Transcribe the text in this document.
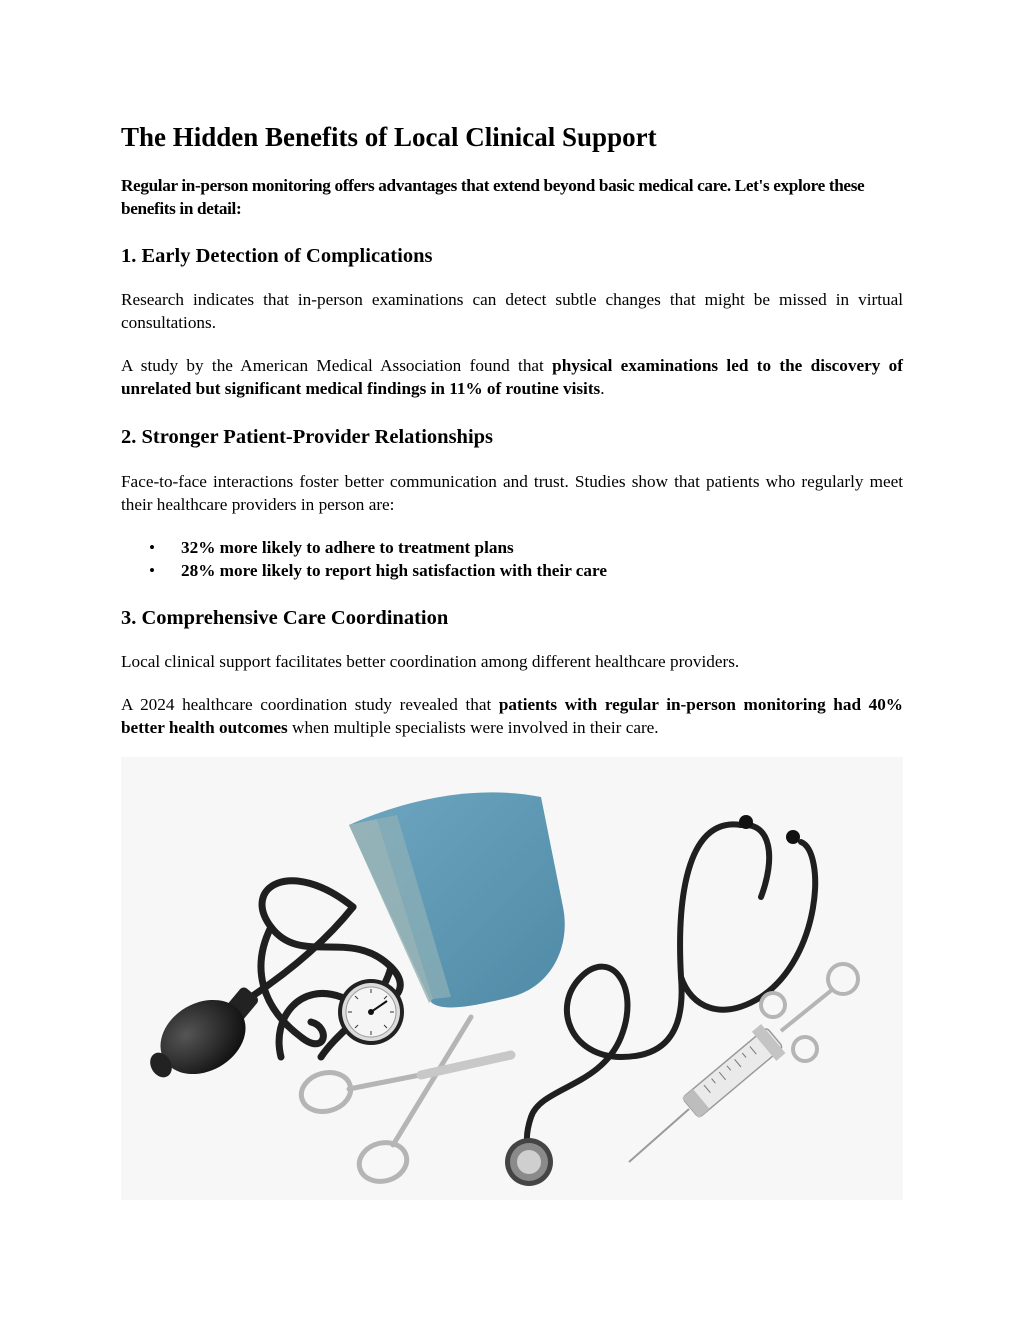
The Hidden Benefits of Local Clinical Support

Regular in-person monitoring offers advantages that extend beyond basic medical care. Let's explore these benefits in detail:

1. Early Detection of Complications

Research indicates that in-person examinations can detect subtle changes that might be missed in virtual consultations.

A study by the American Medical Association found that physical examinations led to the discovery of unrelated but significant medical findings in 11% of routine visits.

2. Stronger Patient-Provider Relationships

Face-to-face interactions foster better communication and trust. Studies show that patients who regularly meet their healthcare providers in person are:

• 32% more likely to adhere to treatment plans
• 28% more likely to report high satisfaction with their care
3. Comprehensive Care Coordination

Local clinical support facilitates better coordination among different healthcare providers.

A 2024 healthcare coordination study revealed that patients with regular in-person monitoring had 40% better health outcomes when multiple specialists were involved in their care.
